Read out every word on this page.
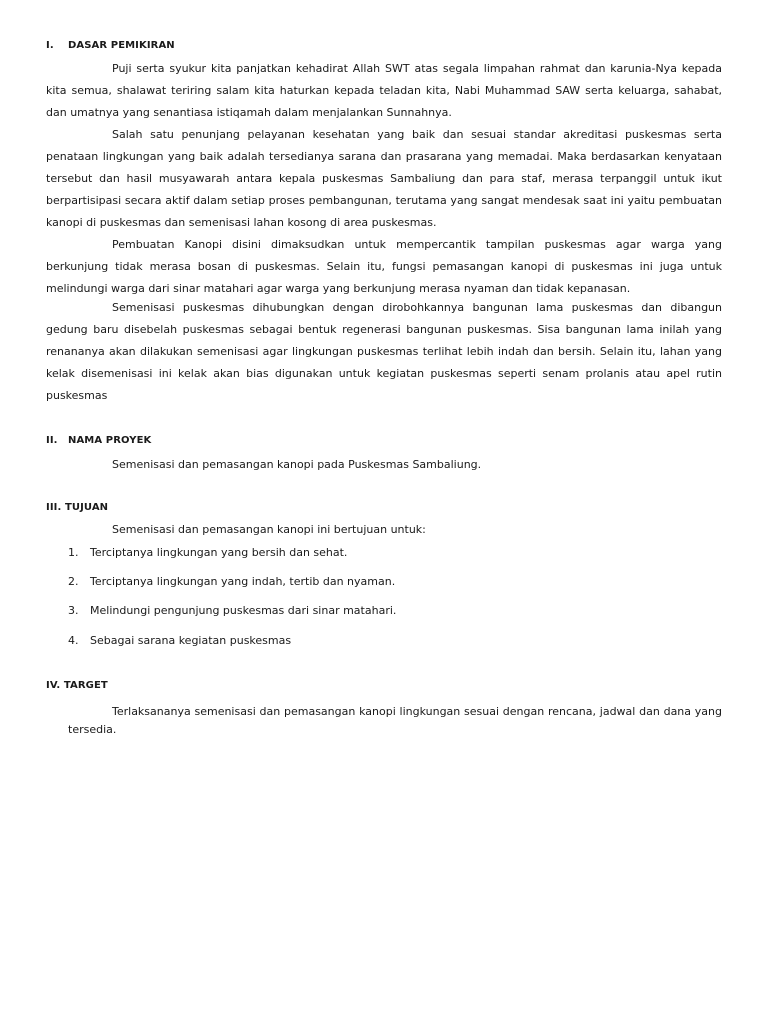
I. DASAR PEMIKIRAN

Puji serta syukur kita panjatkan kehadirat Allah SWT atas segala limpahan rahmat dan karunia-Nya kepada kita semua, shalawat teriring salam kita haturkan kepada teladan kita, Nabi Muhammad SAW serta keluarga, sahabat, dan umatnya yang senantiasa istiqamah dalam menjalankan Sunnahnya.

Salah satu penunjang pelayanan kesehatan yang baik dan sesuai standar akreditasi puskesmas serta penataan lingkungan yang baik adalah tersedianya sarana dan prasarana yang memadai. Maka berdasarkan kenyataan tersebut dan hasil musyawarah antara kepala puskesmas Sambaliung dan para staf, merasa terpanggil untuk ikut berpartisipasi secara aktif dalam setiap proses pembangunan, terutama yang sangat mendesak saat ini yaitu pembuatan kanopi di puskesmas dan semenisasi lahan kosong di area puskesmas.

Pembuatan Kanopi disini dimaksudkan untuk mempercantik tampilan puskesmas agar warga yang berkunjung tidak merasa bosan di puskesmas. Selain itu, fungsi pemasangan kanopi di puskesmas ini juga untuk melindungi warga dari sinar matahari agar warga yang berkunjung merasa nyaman dan tidak kepanasan.

Semenisasi puskesmas dihubungkan dengan dirobohkannya bangunan lama puskesmas dan dibangun gedung baru disebelah puskesmas sebagai bentuk regenerasi bangunan puskesmas. Sisa bangunan lama inilah yang renananya akan dilakukan semenisasi agar lingkungan puskesmas terlihat lebih indah dan bersih. Selain itu, lahan yang kelak disemenisasi ini kelak akan bias digunakan untuk kegiatan puskesmas seperti senam prolanis atau apel rutin puskesmas

II. NAMA PROYEK
Semenisasi dan pemasangan kanopi pada Puskesmas Sambaliung.
III. TUJUAN
Semenisasi dan pemasangan kanopi ini bertujuan untuk:
1. Terciptanya lingkungan yang bersih dan sehat.
2. Terciptanya lingkungan yang indah, tertib dan nyaman.
3. Melindungi pengunjung puskesmas dari sinar matahari.
4. Sebagai sarana kegiatan puskesmas
IV. TARGET

Terlaksananya semenisasi dan pemasangan kanopi lingkungan sesuai dengan rencana, jadwal dan dana yang tersedia.
